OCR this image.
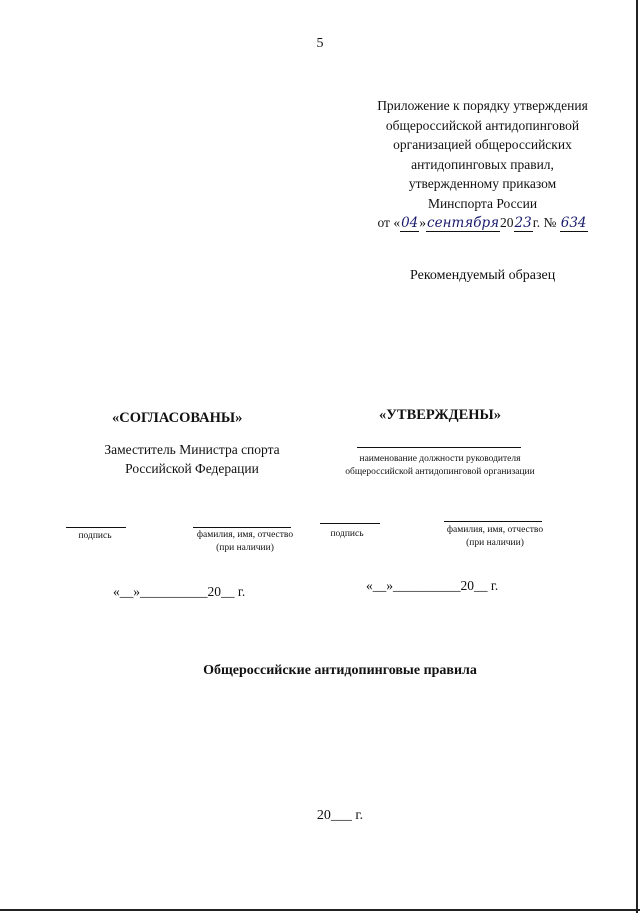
5
Приложение к порядку утверждения
общероссийской антидопинговой
организацией общероссийских
антидопинговых правил,
утвержденному приказом
Минспорта России
от «04»сентября2023г. № 634
Рекомендуемый образец
«СОГЛАСОВАНЫ»
Заместитель Министра спорта
Российской Федерации
подпись	фамилия, имя, отчество
(при наличии)
«__»__________20__ г.
«УТВЕРЖДЕНЫ»
наименование должности руководителя
общероссийской антидопинговой организации
подпись	фамилия, имя, отчество
(при наличии)
«__»__________20__ г.
Общероссийские антидопинговые правила
20___ г.
